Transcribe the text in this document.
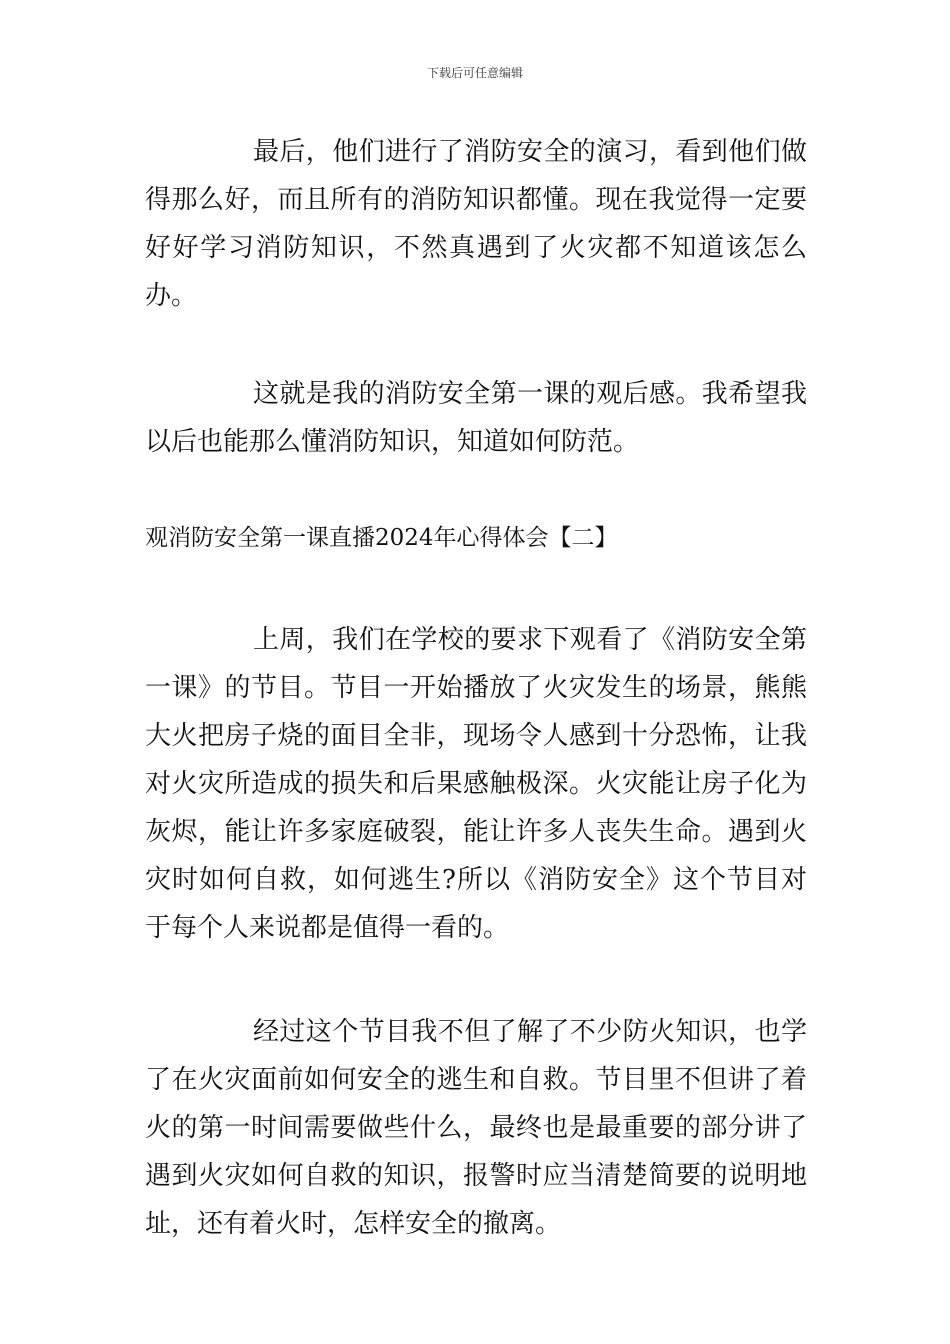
下载后可任意编辑

最后，他们进行了消防安全的演习，看到他们做得那么好，而且所有的消防知识都懂。现在我觉得一定要好好学习消防知识，不然真遇到了火灾都不知道该怎么办。

这就是我的消防安全第一课的观后感。我希望我以后也能那么懂消防知识，知道如何防范。

观消防安全第一课直播2024年心得体会【二】

上周，我们在学校的要求下观看了《消防安全第一课》的节目。节目一开始播放了火灾发生的场景，熊熊大火把房子烧的面目全非，现场令人感到十分恐怖，让我对火灾所造成的损失和后果感触极深。火灾能让房子化为灰烬，能让许多家庭破裂，能让许多人丧失生命。遇到火灾时如何自救，如何逃生?所以《消防安全》这个节目对于每个人来说都是值得一看的。

经过这个节目我不但了解了不少防火知识，也学了在火灾面前如何安全的逃生和自救。节目里不但讲了着火的第一时间需要做些什么，最终也是最重要的部分讲了遇到火灾如何自救的知识，报警时应当清楚简要的说明地址，还有着火时，怎样安全的撤离。
